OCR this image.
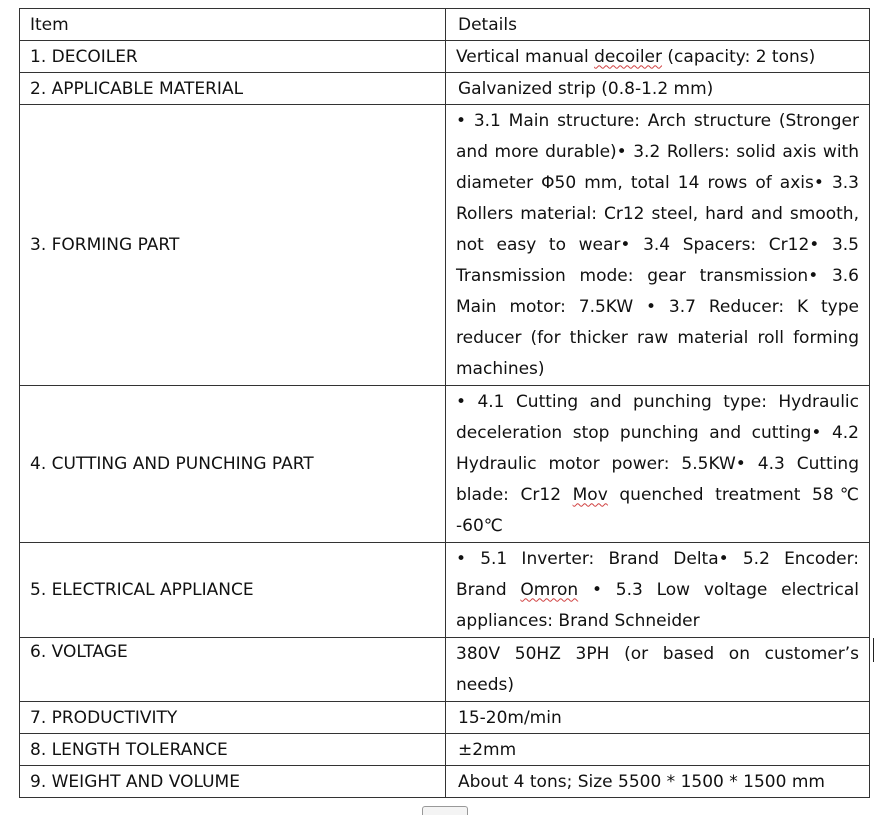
Item	Details
1. DECOILER	Vertical manual decoiler (capacity: 2 tons)
2. APPLICABLE MATERIAL	Galvanized strip (0.8-1.2 mm)
3. FORMING PART	• 3.1 Main structure: Arch structure (Stronger and more durable)• 3.2 Rollers: solid axis with diameter Φ50 mm, total 14 rows of axis• 3.3 Rollers material: Cr12 steel, hard and smooth, not easy to wear• 3.4 Spacers: Cr12• 3.5 Transmission mode: gear transmission• 3.6 Main motor: 7.5KW • 3.7 Reducer: K type reducer (for thicker raw material roll forming machines)
4. CUTTING AND PUNCHING PART	• 4.1 Cutting and punching type: Hydraulic deceleration stop punching and cutting• 4.2 Hydraulic motor power: 5.5KW• 4.3 Cutting blade: Cr12 Mov quenched treatment 58℃ -60℃
5. ELECTRICAL APPLIANCE	• 5.1 Inverter: Brand Delta• 5.2 Encoder: Brand Omron • 5.3 Low voltage electrical appliances: Brand Schneider
6. VOLTAGE	380V 50HZ 3PH (or based on customer’s needs)
7. PRODUCTIVITY	15-20m/min
8. LENGTH TOLERANCE	±2mm
9. WEIGHT AND VOLUME	About 4 tons; Size 5500 * 1500 * 1500 mm
